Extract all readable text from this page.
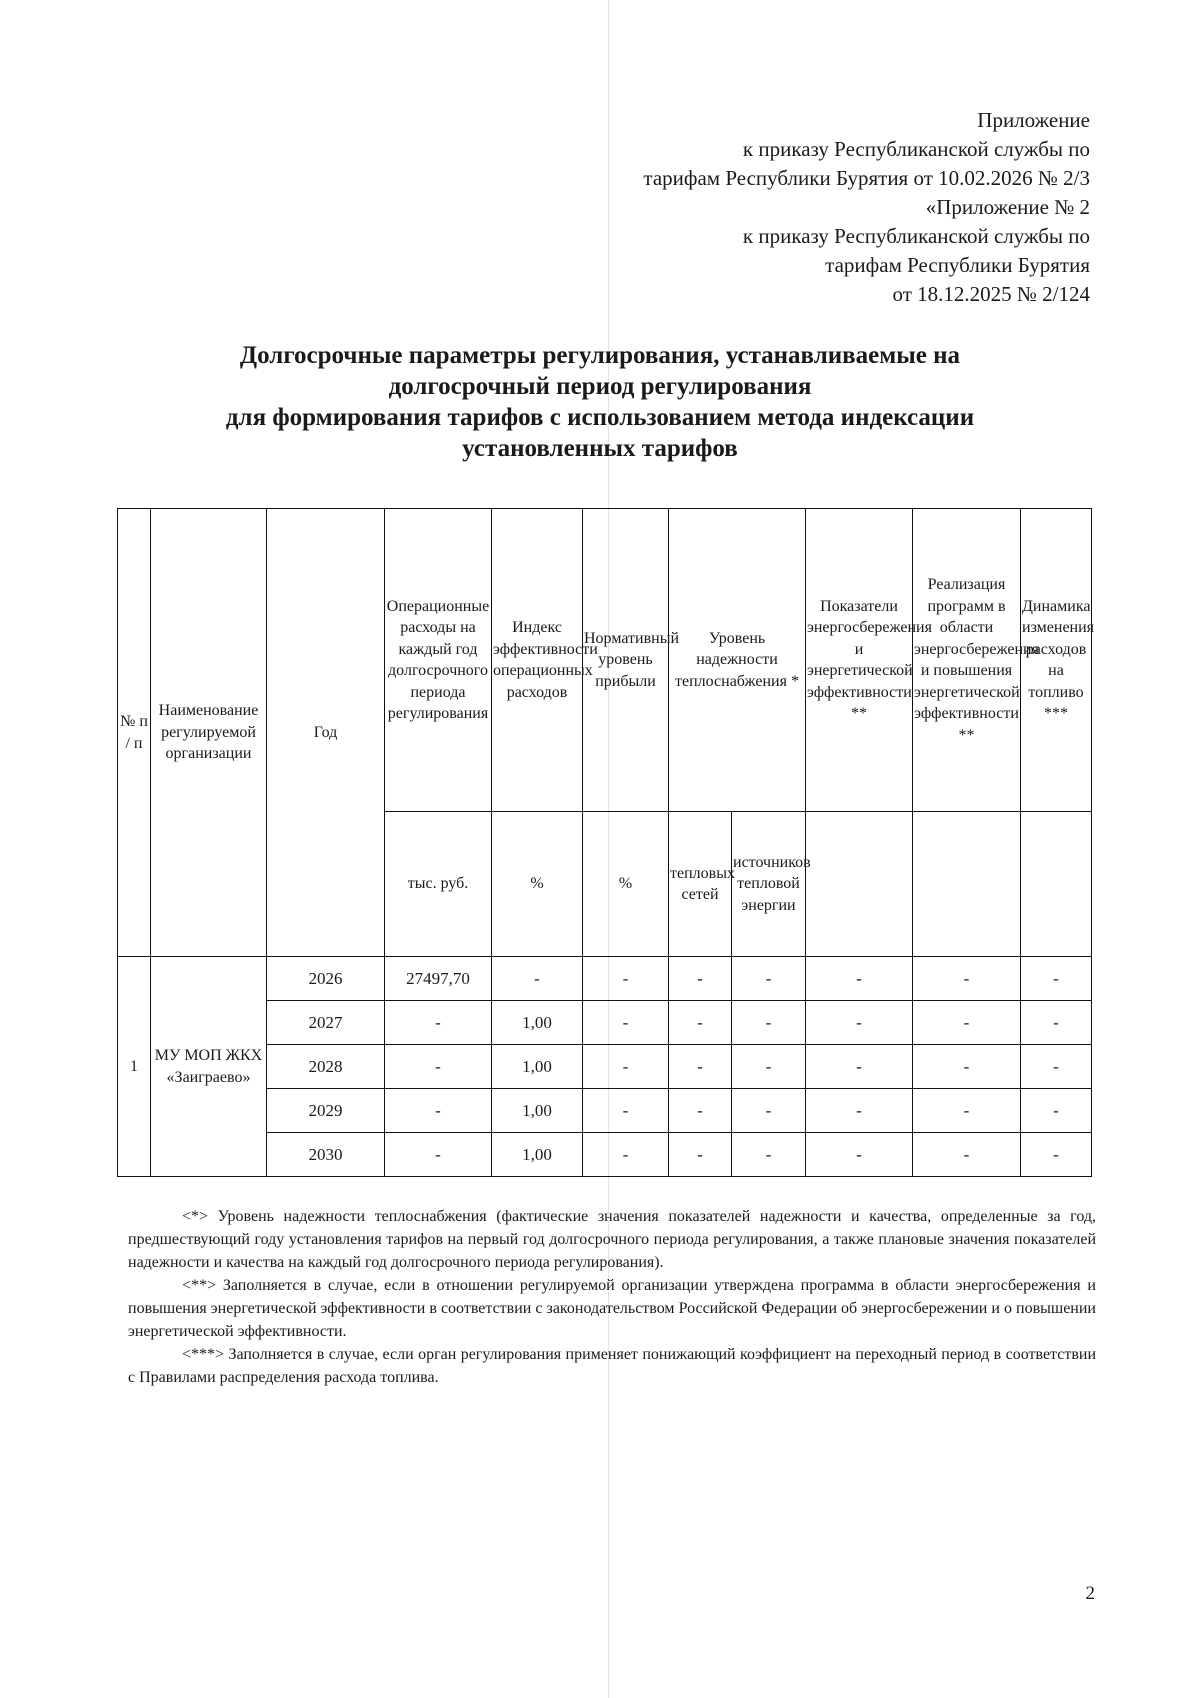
Приложение
к приказу Республиканской службы по
тарифам Республики Бурятия от 10.02.2026 № 2/3
«Приложение № 2
к приказу Республиканской службы по
тарифам Республики Бурятия
от 18.12.2025 № 2/124
Долгосрочные параметры регулирования, устанавливаемые на
долгосрочный период регулирования
для формирования тарифов с использованием метода индексации
установленных тарифов
№ п / п	Наименование регулируемой организации	Год	Операционные расходы на каждый год долгосрочного периода регулирования	Индекс эффективности операционных расходов	Нормативный уровень прибыли	Уровень надежности теплоснабжения *		Показатели энергосбережения и энергетической эффективности **	Реализация программ в области энергосбережения и повышения энергетической эффективности **	Динамика изменения расходов на топливо ***
			тыс. руб.	%	%	тепловых сетей	источников тепловой энергии			
1	МУ МОП ЖКХ «Заиграево»	2026	27497,70	-	-	-	-	-	-	-
		2027	-	1,00	-	-	-	-	-	-
		2028	-	1,00	-	-	-	-	-	-
		2029	-	1,00	-	-	-	-	-	-
		2030	-	1,00	-	-	-	-	-	-

<*> Уровень надежности теплоснабжения (фактические значения показателей надежности и качества, определенные за год, предшествующий году установления тарифов на первый год долгосрочного периода регулирования, а также плановые значения показателей надежности и качества на каждый год долгосрочного периода регулирования).

<**> Заполняется в случае, если в отношении регулируемой организации утверждена программа в области энергосбережения и повышения энергетической эффективности в соответствии с законодательством Российской Федерации об энергосбережении и о повышении энергетической эффективности.

<***> Заполняется в случае, если орган регулирования применяет понижающий коэффициент на переходный период в соответствии с Правилами распределения расхода топлива.

2
